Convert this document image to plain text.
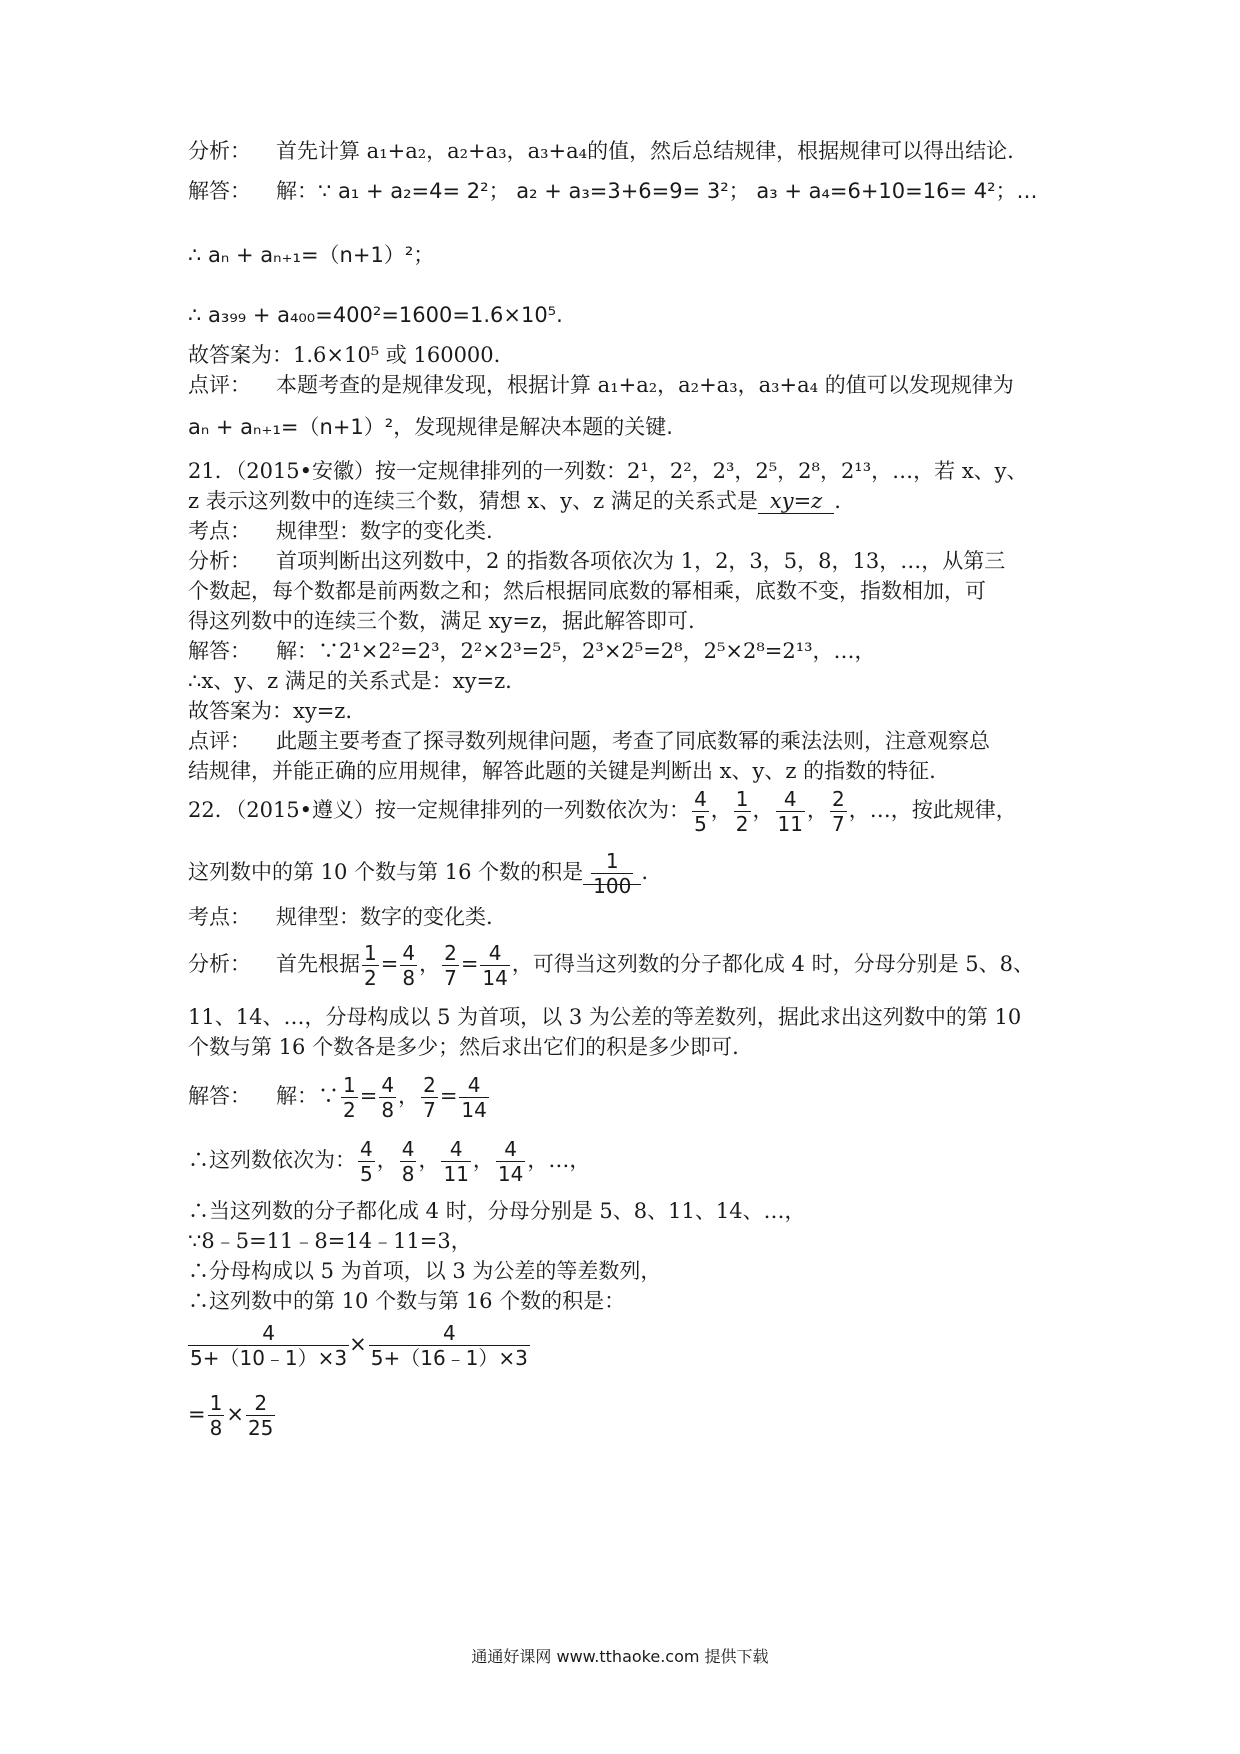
分析： 首先计算 a₁+a₂，a₂+a₃，a₃+a₄的值，然后总结规律，根据规律可以得出结论.
解答： 解：∵ a₁ + a₂=4= 2²； a₂ + a₃=3+6=9= 3²； a₃ + a₄=6+10=16= 4²；…
∴ aₙ + aₙ₊₁=（n+1）²；
∴ a₃₉₉ + a₄₀₀=400²=1600=1.6×10⁵.
故答案为：1.6×10⁵ 或 160000.
点评： 本题考查的是规律发现，根据计算 a₁+a₂，a₂+a₃，a₃+a₄ 的值可以发现规律为
aₙ + aₙ₊₁=（n+1）²，发现规律是解决本题的关键.
21．（2015•安徽）按一定规律排列的一列数：2¹，2²，2³，2⁵，2⁸，2¹³，…，若 x、y、
z 表示这列数中的连续三个数，猜想 x、y、z 满足的关系式是 xy=z .
考点： 规律型：数字的变化类.
分析： 首项判断出这列数中，2 的指数各项依次为 1，2，3，5，8，13，…，从第三
个数起，每个数都是前两数之和；然后根据同底数的幂相乘，底数不变，指数相加，可
得这列数中的连续三个数，满足 xy=z，据此解答即可.
解答： 解：∵2¹×2²=2³，2²×2³=2⁵，2³×2⁵=2⁸，2⁵×2⁸=2¹³，…，
∴x、y、z 满足的关系式是：xy=z.
故答案为：xy=z.
点评： 此题主要考查了探寻数列规律问题，考查了同底数幂的乘法法则，注意观察总
结规律，并能正确的应用规律，解答此题的关键是判断出 x、y、z 的指数的特征.
22．（2015•遵义）按一定规律排列的一列数依次为： $\frac{4}{5}$ ， $\frac{1}{2}$ ， $\frac{4}{11}$ ， $\frac{2}{7}$ ，…，按此规律，
这列数中的第 10 个数与第 16 个数的积是 $\frac{1}{100}$ .
考点： 规律型：数字的变化类.
分析： 首先根据 $\frac{1}{2} = \frac{4}{8}$ ， $\frac{2}{7} = \frac{4}{14}$ ，可得当这列数的分子都化成 4 时，分母分别是 5、8、
11、14、…，分母构成以 5 为首项，以 3 为公差的等差数列，据此求出这列数中的第 10
个数与第 16 个数各是多少；然后求出它们的积是多少即可.
解答： 解：∵ $\frac{1}{2} = \frac{4}{8}$ ， $\frac{2}{7} = \frac{4}{14}$
∴这列数依次为： $\frac{4}{5}$ ， $\frac{4}{8}$ ， $\frac{4}{11}$ ， $\frac{4}{14}$ ，…，
∴当这列数的分子都化成 4 时，分母分别是 5、8、11、14、…，
∵8﹣5=11﹣8=14﹣11=3，
∴分母构成以 5 为首项，以 3 为公差的等差数列，
∴这列数中的第 10 个数与第 16 个数的积是：
$\frac{4}{5+(10﹣1)\times 3} \times \frac{4}{5+(16﹣1)\times 3}$
= $\frac{1}{8} \times \frac{2}{25}$
通通好课网 www.tthaoke.com 提供下载
